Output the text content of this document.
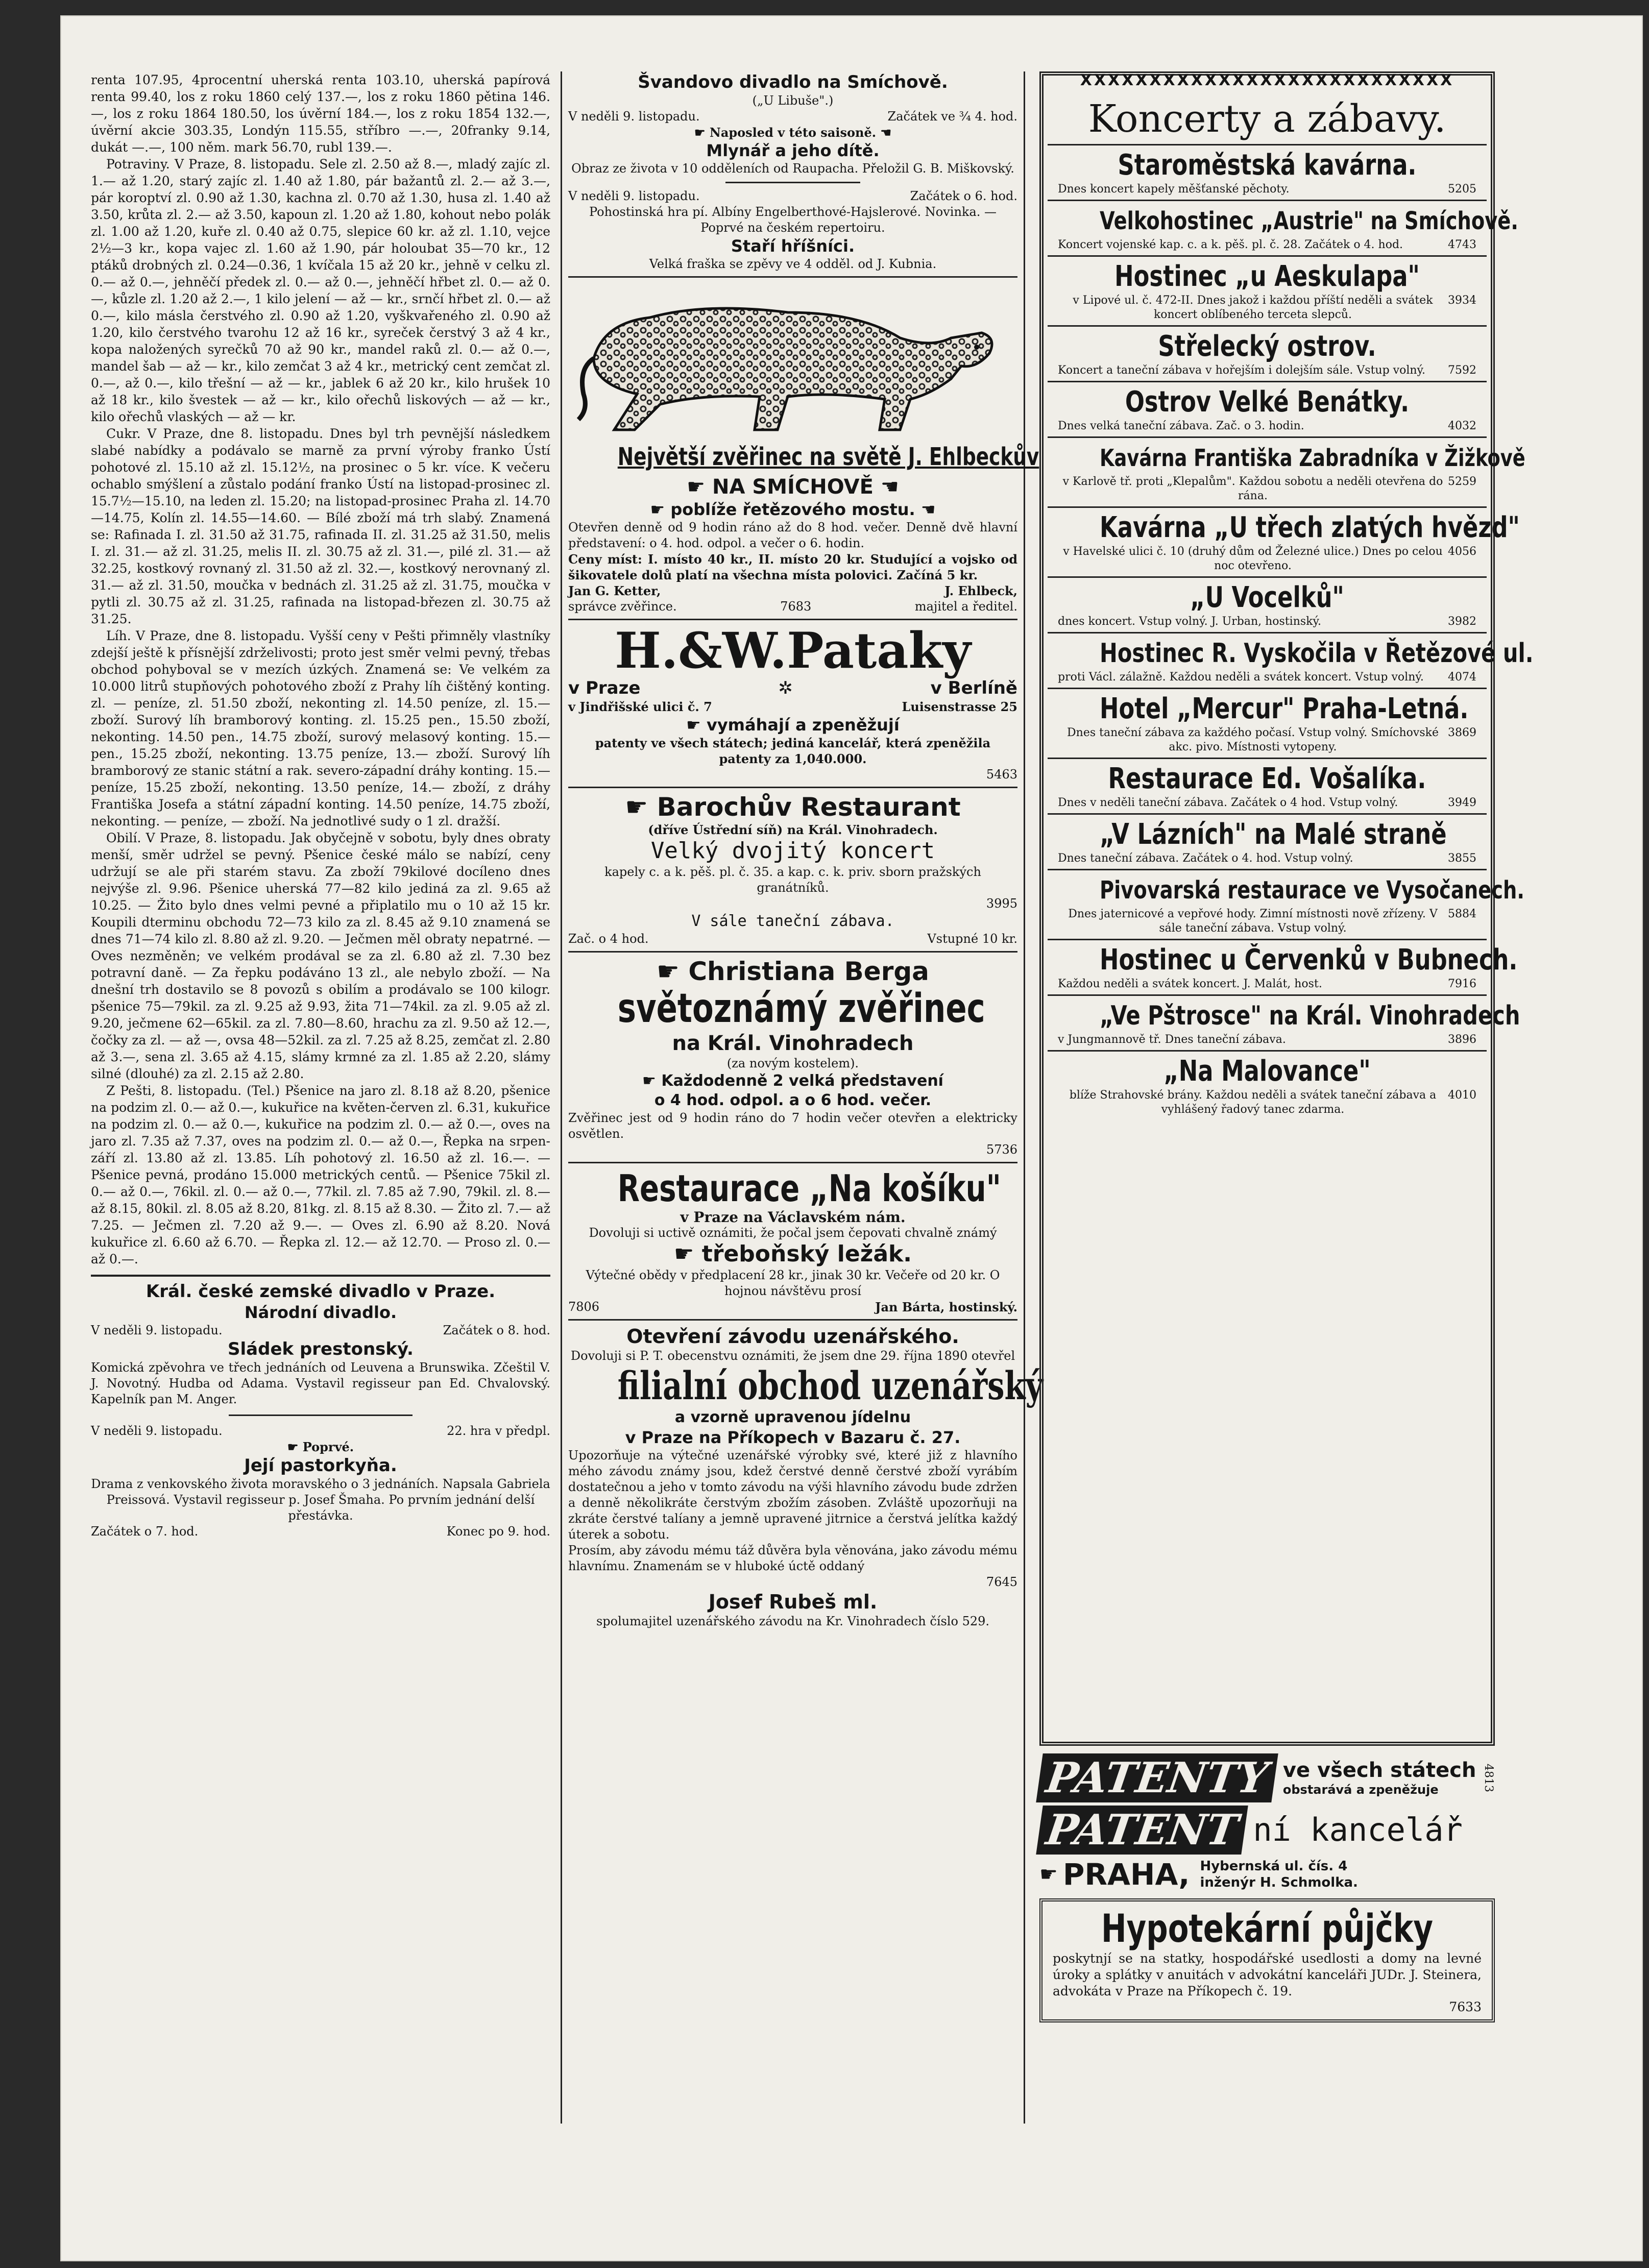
renta 107.95, 4procentní uherská renta 103.10, uherská papírová renta 99.40, los z roku 1860 celý 137.—, los z roku 1860 pětina 146.—, los z roku 1864 180.50, los úvěrní 184.—, los z roku 1854 132.—, úvěrní akcie 303.35, Londýn 115.55, stříbro —.—, 20franky 9.14, dukát —.—, 100 něm. mark 56.70, rubl 139.—.

Potraviny. V Praze, 8. listopadu. Sele zl. 2.50 až 8.—, mladý zajíc zl. 1.— až 1.20, starý zajíc zl. 1.40 až 1.80, pár bažantů zl. 2.— až 3.—, pár koroptví zl. 0.90 až 1.30, kachna zl. 0.70 až 1.30, husa zl. 1.40 až 3.50, krůta zl. 2.— až 3.50, kapoun zl. 1.20 až 1.80, kohout nebo polák zl. 1.00 až 1.20, kuře zl. 0.40 až 0.75, slepice 60 kr. až zl. 1.10, vejce 2½—3 kr., kopa vajec zl. 1.60 až 1.90, pár holoubat 35—70 kr., 12 ptáků drobných zl. 0.24—0.36, 1 kvíčala 15 až 20 kr., jehně v celku zl. 0.— až 0.—, jehněčí předek zl. 0.— až 0.—, jehněčí hřbet zl. 0.— až 0.—, kůzle zl. 1.20 až 2.—, 1 kilo jelení — až — kr., srnčí hřbet zl. 0.— až 0.—, kilo másla čerstvého zl. 0.90 až 1.20, vyškvařeného zl. 0.90 až 1.20, kilo čerstvého tvarohu 12 až 16 kr., syreček čerstvý 3 až 4 kr., kopa naložených syrečků 70 až 90 kr., mandel raků zl. 0.— až 0.—, mandel šab — až — kr., kilo zemčat 3 až 4 kr., metrický cent zemčat zl. 0.—, až 0.—, kilo třešní — až — kr., jablek 6 až 20 kr., kilo hrušek 10 až 18 kr., kilo švestek — až — kr., kilo ořechů liskových — až — kr., kilo ořechů vlaských — až — kr.

Cukr. V Praze, dne 8. listopadu. Dnes byl trh pevnější následkem slabé nabídky a podávalo se marně za první výroby franko Ústí pohotové zl. 15.10 až zl. 15.12½, na prosinec o 5 kr. více. K večeru ochablo smýšlení a zůstalo podání franko Ústí na listopad-prosinec zl. 15.7½—15.10, na leden zl. 15.20; na listopad-prosinec Praha zl. 14.70—14.75, Kolín zl. 14.55—14.60. — Bílé zboží má trh slabý. Znamená se: Rafinada I. zl. 31.50 až 31.75, rafinada II. zl. 31.25 až 31.50, melis I. zl. 31.— až zl. 31.25, melis II. zl. 30.75 až zl. 31.—, pilé zl. 31.— až 32.25, kostkový rovnaný zl. 31.50 až zl. 32.—, kostkový nerovnaný zl. 31.— až zl. 31.50, moučka v bednách zl. 31.25 až zl. 31.75, moučka v pytli zl. 30.75 až zl. 31.25, rafinada na listopad-březen zl. 30.75 až 31.25.

Líh. V Praze, dne 8. listopadu. Vyšší ceny v Pešti přimněly vlastníky zdejší ještě k přísnější zdrželivosti; proto jest směr velmi pevný, třebas obchod pohyboval se v mezích úzkých. Znamená se: Ve velkém za 10.000 litrů stupňových pohotového zboží z Prahy líh čištěný konting. zl. — peníze, zl. 51.50 zboží, nekonting zl. 14.50 peníze, zl. 15.— zboží. Surový líh bramborový konting. zl. 15.25 pen., 15.50 zboží, nekonting. 14.50 pen., 14.75 zboží, surový melasový konting. 15.— pen., 15.25 zboží, nekonting. 13.75 peníze, 13.— zboží. Surový líh bramborový ze stanic státní a rak. severo-západní dráhy konting. 15.— peníze, 15.25 zboží, nekonting. 13.50 peníze, 14.— zboží, z dráhy Františka Josefa a státní západní konting. 14.50 peníze, 14.75 zboží, nekonting. — peníze, — zboží. Na jednotlivé sudy o 1 zl. dražší.

Obilí. V Praze, 8. listopadu. Jak obyčejně v sobotu, byly dnes obraty menší, směr udržel se pevný. Pšenice české málo se nabízí, ceny udržují se ale při starém stavu. Za zboží 79kilové docíleno dnes nejvýše zl. 9.96. Pšenice uherská 77—82 kilo jediná za zl. 9.65 až 10.25. — Žito bylo dnes velmi pevné a připlatilo mu o 10 až 15 kr. Koupili dterminu obchodu 72—73 kilo za zl. 8.45 až 9.10 znamená se dnes 71—74 kilo zl. 8.80 až zl. 9.20. — Ječmen měl obraty nepatrné. — Oves nezměněn; ve velkém prodával se za zl. 6.80 až zl. 7.30 bez potravní daně. — Za řepku podáváno 13 zl., ale nebylo zboží. — Na dnešní trh dostavilo se 8 povozů s obilím a prodávalo se 100 kilogr. pšenice 75—79kil. za zl. 9.25 až 9.93, žita 71—74kil. za zl. 9.05 až zl. 9.20, ječmene 62—65kil. za zl. 7.80—8.60, hrachu za zl. 9.50 až 12.—, čočky za zl. — až —, ovsa 48—52kil. za zl. 7.25 až 8.25, zemčat zl. 2.80 až 3.—, sena zl. 3.65 až 4.15, slámy krmné za zl. 1.85 až 2.20, slámy silné (dlouhé) za zl. 2.15 až 2.80.

Z Pešti, 8. listopadu. (Tel.) Pšenice na jaro zl. 8.18 až 8.20, pšenice na podzim zl. 0.— až 0.—, kukuřice na květen-červen zl. 6.31, kukuřice na podzim zl. 0.— až 0.—, kukuřice na podzim zl. 0.— až 0.—, oves na jaro zl. 7.35 až 7.37, oves na podzim zl. 0.— až 0.—, Řepka na srpen-září zl. 13.80 až zl. 13.85. Líh pohotový zl. 16.50 až zl. 16.—. — Pšenice pevná, prodáno 15.000 metrických centů. — Pšenice 75kil zl. 0.— až 0.—, 76kil. zl. 0.— až 0.—, 77kil. zl. 7.85 až 7.90, 79kil. zl. 8.— až 8.15, 80kil. zl. 8.05 až 8.20, 81kg. zl. 8.15 až 8.30. — Žito zl. 7.— až 7.25. — Ječmen zl. 7.20 až 9.—. — Oves zl. 6.90 až 8.20. Nová kukuřice zl. 6.60 až 6.70. — Řepka zl. 12.— až 12.70. — Proso zl. 0.— až 0.—.

Král. české zemské divadlo v Praze.
Národní divadlo.
V neděli 9. listopadu.	Začátek o 8. hod.
Sládek prestonský.
Komická zpěvohra ve třech jednáních od Leuvena a Brunswika. Zčeštil V. J. Novotný. Hudba od Adama. Vystavil regisseur pan Ed. Chvalovský. Kapelník pan M. Anger.
V neděli 9. listopadu.	22. hra v předpl.
☛ Poprvé.
Její pastorkyňa.
Drama z venkovského života moravského o 3 jednáních. Napsala Gabriela Preissová. Vystavil regisseur p. Josef Šmaha. Po prvním jednání delší přestávka.
Začátek o 7. hod.	Konec po 9. hod.
Švandovo divadlo na Smíchově.
(„U Libuše".)
V neděli 9. listopadu.	Začátek ve ¾ 4. hod.
☛ Naposled v této saisoně. ☚
Mlynář a jeho dítě.
Obraz ze života v 10 odděleních od Raupacha. Přeložil G. B. Miškovský.
V neděli 9. listopadu.	Začátek o 6. hod.
Pohostinská hra pí. Albíny Engelberthové-Hajslerové. Novinka. — Poprvé na českém repertoiru.
Staří hříšníci.
Velká fraška se zpěvy ve 4 odděl. od J. Kubnia.
Největší zvěřinec na světě J. Ehlbeckův
☛ NA SMÍCHOVĚ ☚
☛ poblíže řetězového mostu. ☚
Otevřen denně od 9 hodin ráno až do 8 hod. večer. Denně dvě hlavní představení: o 4. hod. odpol. a večer o 6. hodin.
Ceny míst: I. místo 40 kr., II. místo 20 kr. Studující a vojsko od šikovatele dolů platí na všechna místa polovici. Začíná 5 kr.
Jan G. Ketter,	J. Ehlbeck,
správce zvěřince.	7683	majitel a ředitel.
H.&W.Pataky
v Praze	✲	v Berlíně
v Jindřišské ulici č. 7	Luisenstrasse 25
☛ vymáhají a zpeněžují
patenty ve všech státech; jediná kancelář, která zpeněžila patenty za 1,040.000.
5463
☛ Barochův Restaurant
(dříve Ústřední síň) na Král. Vinohradech.
Velký dvojitý koncert
kapely c. a k. pěš. pl. č. 35. a kap. c. k. priv. sborn pražských granátníků.
3995
V sále taneční zábava.
Zač. o 4 hod.	Vstupné 10 kr.
☛ Christiana Berga
světoznámý zvěřinec
na Král. Vinohradech
(za novým kostelem).
☛ Každodenně 2 velká představení
o 4 hod. odpol. a o 6 hod. večer.
Zvěřinec jest od 9 hodin ráno do 7 hodin večer otevřen a elektricky osvětlen.
5736
Restaurace „Na košíku"
v Praze na Václavském nám.
Dovoluji si uctivě oznámiti, že počal jsem čepovati chvalně známý
☛ třeboňský ležák.
Výtečné obědy v předplacení 28 kr., jinak 30 kr. Večeře od 20 kr. O hojnou návštěvu prosí
7806	Jan Bárta, hostinský.
Otevření závodu uzenářského.
Dovoluji si P. T. obecenstvu oznámiti, že jsem dne 29. října 1890 otevřel
filialní obchod uzenářský
a vzorně upravenou jídelnu
v Praze na Příkopech v Bazaru č. 27.
Upozorňuje na výtečné uzenářské výrobky své, které již z hlavního mého závodu známy jsou, kdež čerstvé denně čerstvé zboží vyrábím dostatečnou a jeho v tomto závodu na výši hlavního závodu bude zdržen a denně několikráte čerstvým zbožím zásoben. Zvláště upozorňuji na zkráte čerstvé talíany a jemně upravené jitrnice a čerstvá jelítka každý úterek a sobotu.
Prosím, aby závodu mému táž důvěra byla věnována, jako závodu mému hlavnímu. Znamenám se v hluboké úctě oddaný
7645
Josef Rubeš ml.
spolumajitel uzenářského závodu na Kr. Vinohradech číslo 529.
XXXXXXXXXXXXXXXXXXXXXXXXXXX
Koncerty a zábavy.
Staroměstská kavárna.
Dnes koncert kapely měšťanské pěchoty.	5205
Velkohostinec „Austrie" na Smíchově.
Koncert vojenské kap. c. a k. pěš. pl. č. 28. Začátek o 4. hod.	4743
Hostinec „u Aeskulapa"
v Lipové ul. č. 472-II. Dnes jakož i každou příští neděli a svátek koncert oblíbeného terceta slepců.
3934
Střelecký ostrov.
Koncert a taneční zábava v hořejším i dolejším sále. Vstup volný. 7592
Ostrov Velké Benátky.
Dnes velká taneční zábava. Zač. o 3. hodin.	4032
Kavárna Františka Zabradníka v Žižkově
v Karlově tř. proti „Klepalům". Každou sobotu a neděli otevřena do rána.
5259
Kavárna „U třech zlatých hvězd"
v Havelské ulici č. 10 (druhý dům od Železné ulice.) Dnes po celou noc otevřeno.
4056
„U Vocelků"
dnes koncert. Vstup volný. J. Urban, hostinský.	3982
Hostinec R. Vyskočila v Řetězové ul.
proti Václ. zálažně. Každou neděli a svátek koncert. Vstup volný. 4074
Hotel „Mercur" Praha-Letná.
Dnes taneční zábava za každého počasí. Vstup volný. Smíchovské akc. pivo. Místnosti vytopeny.
3869
Restaurace Ed. Vošalíka.
Dnes v neděli taneční zábava. Začátek o 4 hod. Vstup volný.	3949
„V Lázních" na Malé straně
Dnes taneční zábava. Začátek o 4. hod. Vstup volný.	3855
Pivovarská restaurace ve Vysočanech.
Dnes jaternicové a vepřové hody. Zimní místnosti nově zřízeny. V sále taneční zábava. Vstup volný.
5884
Hostinec u Červenků v Bubnech.
Každou neděli a svátek koncert. J. Malát, host.	7916
„Ve Pštrosce" na Král. Vinohradech
v Jungmannově tř. Dnes taneční zábava.	3896
„Na Malovance"
blíže Strahovské brány. Každou neděli a svátek taneční zábava a vyhlášený řadový tanec zdarma.
4010
PATENTY ve všech státech
obstarává a zpeněžuje	4813
PATENT ní kancelář
☛ PRAHA, Hybernská ul. čís. 4
inženýr H. Schmolka.
Hypotekární půjčky
poskytnjí se na statky, hospodářské usedlosti a domy na levné úroky a splátky v anuitách v advokátní kanceláři JUDr. J. Steinera, advokáta v Praze na Příkopech č. 19.
7633
